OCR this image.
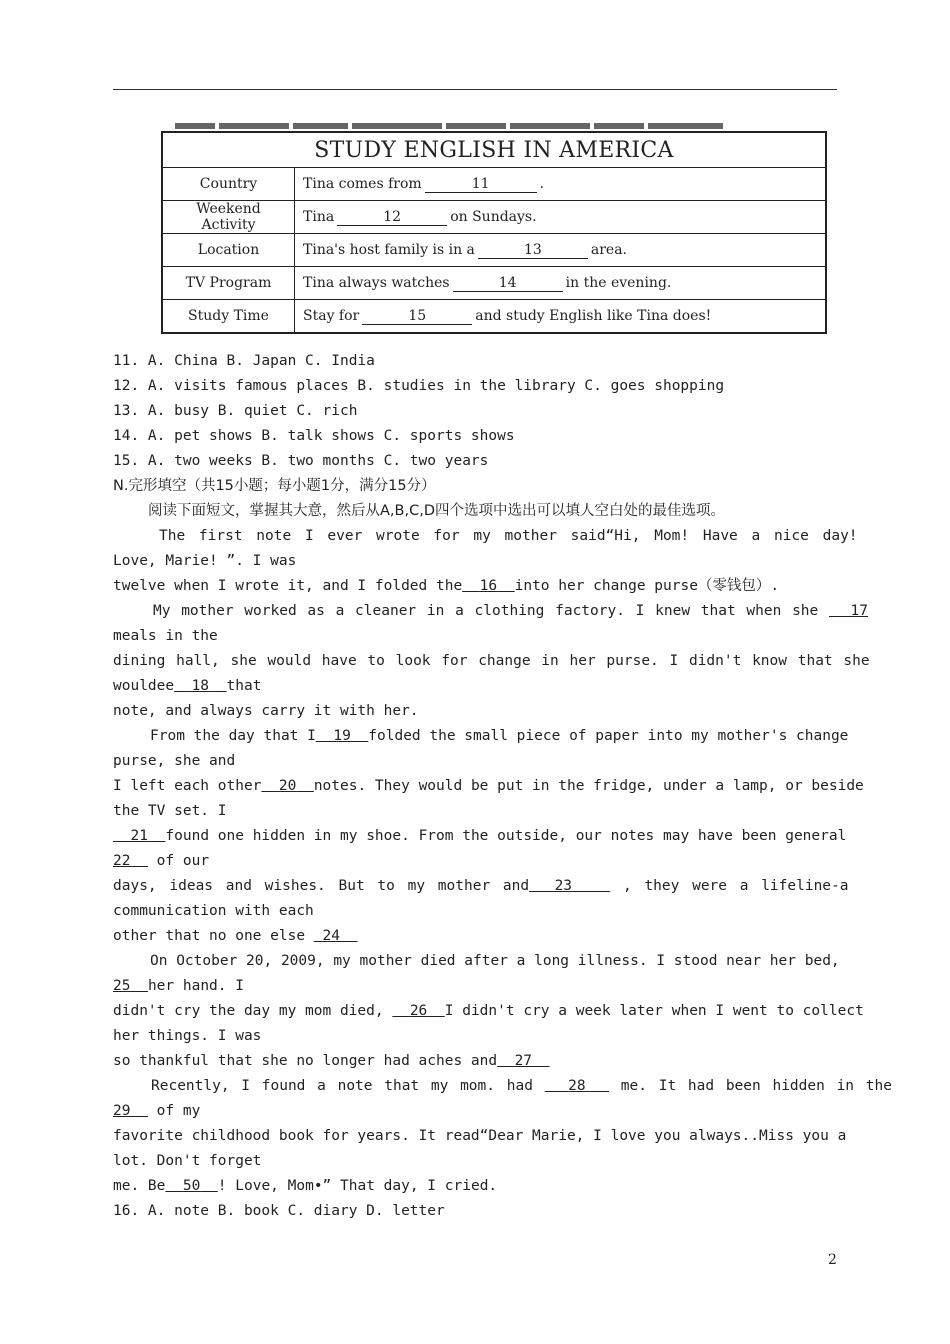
STUDY ENGLISH IN AMERICA	
Country	Tina comes from 11 .
Weekend Activity	Tina 12 on Sundays.
Location	Tina's host family is in a 13 area.
TV Program	Tina always watches 14 in the evening.
Study Time	Stay for 15 and study English like Tina does!
11. A. China B. Japan C. India
12. A. visits famous places B. studies in the library C. goes shopping
13. A. busy B. quiet C. rich
14. A. pet shows B. talk shows C. sports shows
15. A. two weeks B. two months C. two years
N.完形填空（共15小题；每小题1分，满分15分）
阅读下面短文，掌握其大意，然后从A,B,C,D四个选项中选出可以填人空白处的最佳选项。
The first note I ever wrote for my mother said“Hi, Mom! Have a nice day!
Love, Marie! ”. I was
twelve when I wrote it, and I folded the 16 into her change purse（零钱包）.
My mother worked as a cleaner in a clothing factory. I knew that when she 17
meals in the
dining hall, she would have to look for change in her purse. I didn't know that she
wouldee 18 that
note, and always carry it with her.
From the day that I 19 folded the small piece of paper into my mother's change
purse, she and
I left each other 20 notes. They would be put in the fridge, under a lamp, or beside
the TV set. I
21 found one hidden in my shoe. From the outside, our notes may have been general
22 of our
days, ideas and wishes. But to my mother and 23	, they were a lifeline-a
communication with each
other that no one else 24
On October 20, 2009, my mother died after a long illness. I stood near her bed,
25 her hand. I
didn't cry the day my mom died, 26 I didn't cry a week later when I went to collect
her things. I was
so thankful that she no longer had aches and 27
Recently, I found a note that my mom. had 28 me. It had been hidden in the
29 of my
favorite childhood book for years. It read“Dear Marie, I love you always..Miss you a
lot. Don't forget
me. Be 50 ! Love, Mom•” That day, I cried.
16. A. note B. book C. diary D. letter
2
